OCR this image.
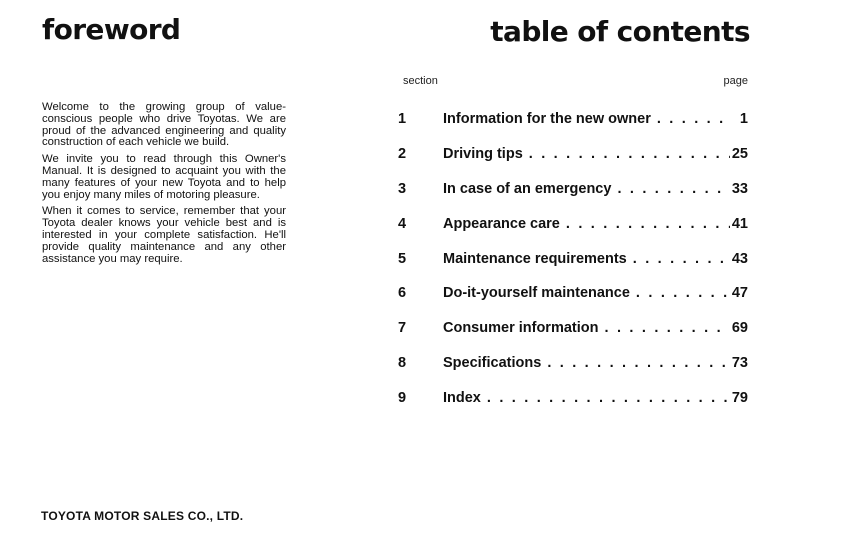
foreword

Welcome to the growing group of value-conscious people who drive Toyotas. We are proud of the advanced engineering and quality construction of each vehicle we build.

We invite you to read through this Owner's Manual. It is designed to acquaint you with the many features of your new Toyota and to help you enjoy many miles of motoring pleasure.

When it comes to service, remember that your Toyota dealer knows your vehicle best and is interested in your complete satisfaction. He'll provide quality maintenance and any other assistance you may require.

TOYOTA MOTOR SALES CO., LTD.
table of contents
section	page
1	Information for the new owner . . .	1
2	Driving tips . . .	25
3	In case of an emergency . . .	33
4	Appearance care . . .	41
5	Maintenance requirements . . .	43
6	Do-it-yourself maintenance . . .	47
7	Consumer information . . .	69
8	Specifications . . .	73
9	Index . . .	79
